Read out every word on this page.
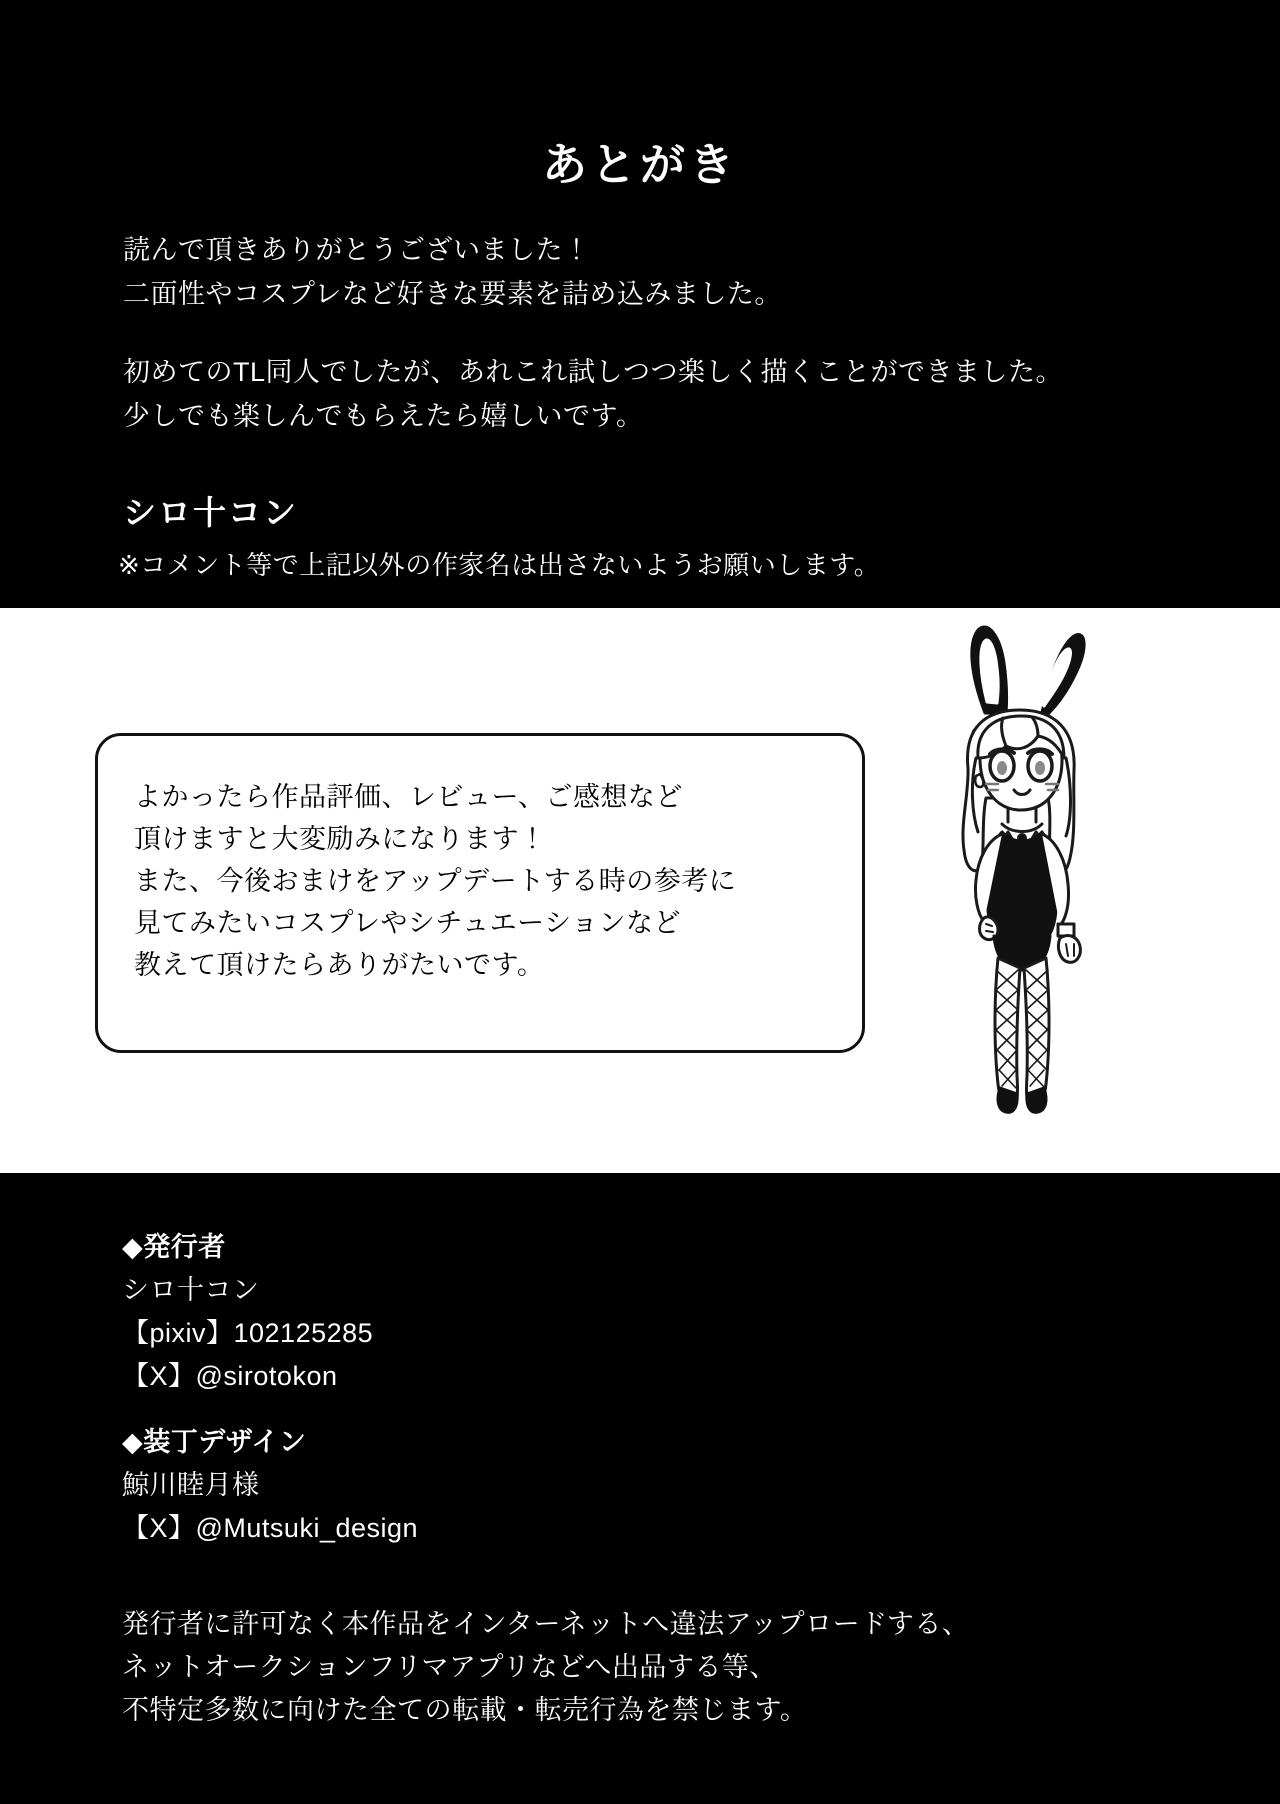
あとがき

読んで頂きありがとうございました！
二面性やコスプレなど好きな要素を詰め込みました。

初めてのTL同人でしたが、あれこれ試しつつ楽しく描くことができました。
少しでも楽しんでもらえたら嬉しいです。

シロ十コン
※コメント等で上記以外の作家名は出さないようお願いします。
よかったら作品評価、レビュー、ご感想など
頂けますと大変励みになります！
また、今後おまけをアップデートする時の参考に
見てみたいコスプレやシチュエーションなど
教えて頂けたらありがたいです。
◆発行者
シロ十コン
【pixiv】102125285
【X】@sirotokon
◆装丁デザイン
鯨川睦月様
【X】@Mutsuki_design
発行者に許可なく本作品をインターネットへ違法アップロードする、
ネットオークションフリマアプリなどへ出品する等、
不特定多数に向けた全ての転載・転売行為を禁じます。
